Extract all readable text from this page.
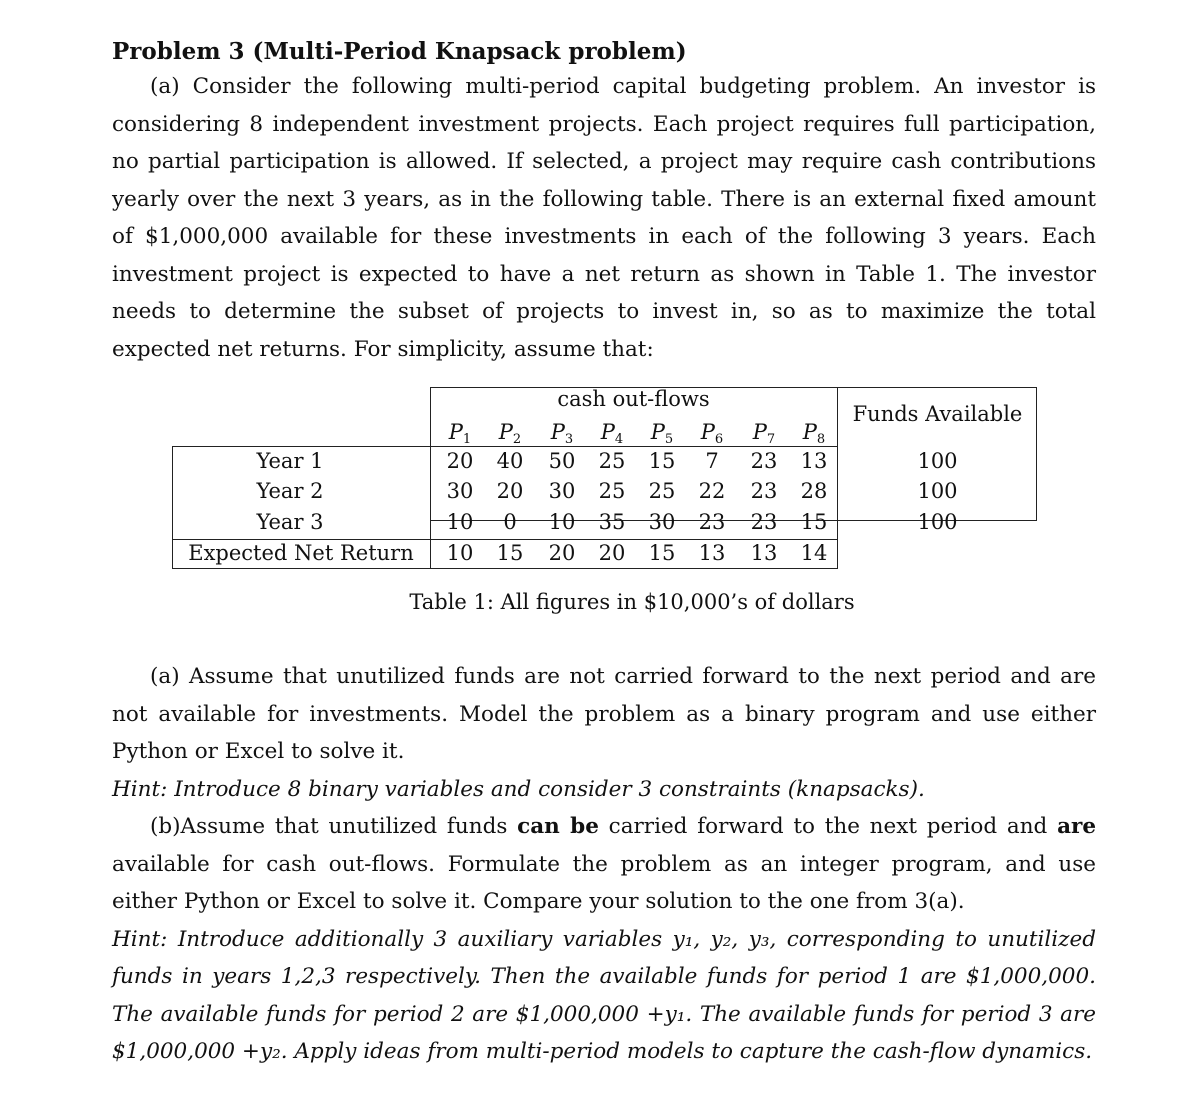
Problem 3 (Multi-Period Knapsack problem)

(a) Consider the following multi-period capital budgeting problem. An investor is considering 8 independent investment projects. Each project requires full participation, no partial participation is allowed. If selected, a project may require cash contributions yearly over the next 3 years, as in the following table. There is an external fixed amount of $1,000,000 available for these investments in each of the following 3 years. Each investment project is expected to have a net return as shown in Table 1. The investor needs to determine the subset of projects to invest in, so as to maximize the total expected net returns. For simplicity, assume that:

cash out-flows
Funds Available
$P_1$	$P_2$	$P_3$	$P_4$	$P_5$	$P_6$	$P_7$	$P_8$
Year 1	20	40	50	25	15	7	23	13	100
Year 2	30	20	30	25	25	22	23	28	100
Year 3	10	0	10	35	30	23	23	15	100
Expected Net Return	10	15	20	20	15	13	13	14
Table 1: All figures in $10,000’s of dollars

(a) Assume that unutilized funds are not carried forward to the next period and are not available for investments. Model the problem as a binary program and use either Python or Excel to solve it.

Hint: Introduce 8 binary variables and consider 3 constraints (knapsacks).

(b)Assume that unutilized funds can be carried forward to the next period and are available for cash out-flows. Formulate the problem as an integer program, and use either Python or Excel to solve it. Compare your solution to the one from 3(a).

Hint: Introduce additionally 3 auxiliary variables y₁, y₂, y₃, corresponding to unutilized funds in years 1,2,3 respectively. Then the available funds for period 1 are $1,000,000. The available funds for period 2 are $1,000,000 +y₁. The available funds for period 3 are $1,000,000 +y₂. Apply ideas from multi-period models to capture the cash-flow dynamics.
